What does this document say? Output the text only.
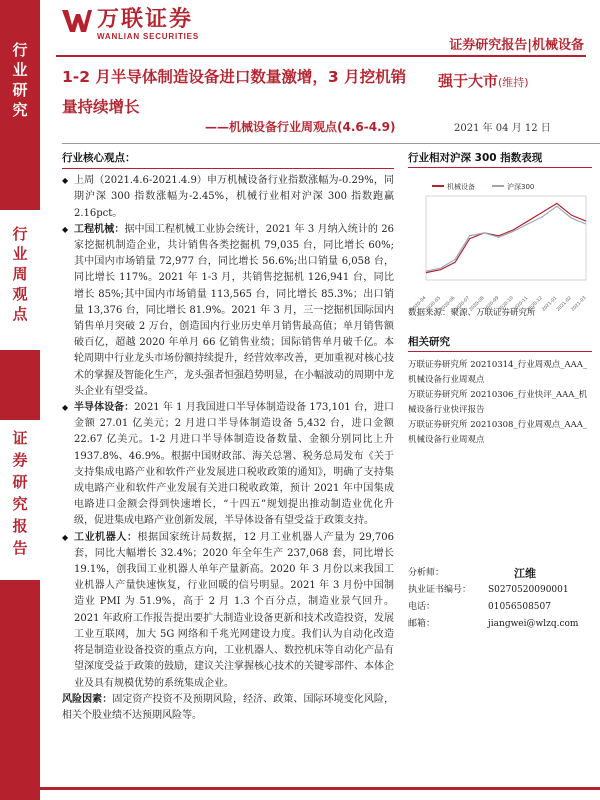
行
业
研
究
行
业
周
观
点
证
券
研
究
报
告
万联证券
WANLIAN SECURITIES
证券研究报告|机械设备
1-2 月半导体制造设备进口数量激增，3 月挖机销量持续增长
——机械设备行业周观点(4.6-4.9)
强于大市(维持)
2021 年 04 月 12 日
行业核心观点：
◆ 上周（2021.4.6-2021.4.9）申万机械设备行业指数涨幅为-0.29%，同期沪深 300 指数涨幅为-2.45%，机械行业相对沪深 300 指数跑赢 2.16pct。
◆ 工程机械：据中国工程机械工业协会统计，2021 年 3 月纳入统计的 26 家挖掘机制造企业，共计销售各类挖掘机 79,035 台，同比增长 60%;其中国内市场销量 72,977 台，同比增长 56.6%;出口销量 6,058 台，同比增长 117%。2021 年 1-3 月，共销售挖掘机 126,941 台，同比增长 85%;其中国内市场销量 113,565 台，同比增长 85.3%；出口销量 13,376 台，同比增长 81.9%。2021 年 3 月，三一挖掘机国际国内销售单月突破 2 万台，创造国内行业历史单月销售最高值；单月销售额破百亿，超越 2020 年单月 66 亿销售业绩；国际销售单月破千亿。本轮周期中行业龙头市场份额持续提升，经营效率改善，更加重视对核心技术的掌握及智能化生产，龙头强者恒强趋势明显，在小幅波动的周期中龙头企业有望受益。
◆ 半导体设备：2021 年 1 月我国进口半导体制造设备 173,101 台，进口金额 27.01 亿美元；2 月进口半导体制造设备 5,432 台，进口金额 22.67 亿美元。1-2 月进口半导体制造设备数量、金额分别同比上升 1937.8%、46.9%。根据中国财政部、海关总署、税务总局发布《关于支持集成电路产业和软件产业发展进口税收政策的通知》，明确了支持集成电路产业和软件产业发展有关进口税收政策，预计 2021 年中国集成电路进口金额会得到快速增长，“十四五”规划提出推动制造业优化升级，促进集成电路产业创新发展，半导体设备有望受益于政策支持。
◆ 工业机器人：根据国家统计局数据，12 月工业机器人产量为 29,706 套，同比大幅增长 32.4%；2020 年全年生产 237,068 套，同比增长 19.1%，创我国工业机器人单年产量新高。2020 年 3 月份以来我国工业机器人产量快速恢复，行业回暖的信号明显。2021 年 3 月份中国制造业 PMI 为 51.9%，高于 2 月 1.3 个百分点，制造业景气回升。2021 年政府工作报告提出要扩大制造业设备更新和技术改造投资，发展工业互联网，加大 5G 网络和千兆光网建设力度。我们认为自动化改造将是制造业设备投资的重点方向，工业机器人、数控机床等自动化产品有望深度受益于政策的鼓励，建议关注掌握核心技术的关键零部件、本体企业及具有规模优势的系统集成企业。
风险因素：固定资产投资不及预期风险，经济、政策、国际环境变化风险，相关个股业绩不达预期风险等。
行业相对沪深 300 指数表现
机械设备	沪深300
2020-04
2020-05
2020-06
2020-07
2020-08
2020-09
2020-10
2020-11
2020-12
2021-01
2021-02
2021-03
数据来源：聚源、万联证券研究所
相关研究
万联证券研究所 20210314_行业周观点_AAA_机械设备行业周观点
万联证券研究所 20210306_行业快评_AAA_机械设备行业快评报告
万联证券研究所 20210308_行业周观点_AAA_机械设备行业周观点
分析师：	江维
执业证书编号：	S0270520090001
电话：	01056508507
邮箱：	jiangwei@wlzq.com
